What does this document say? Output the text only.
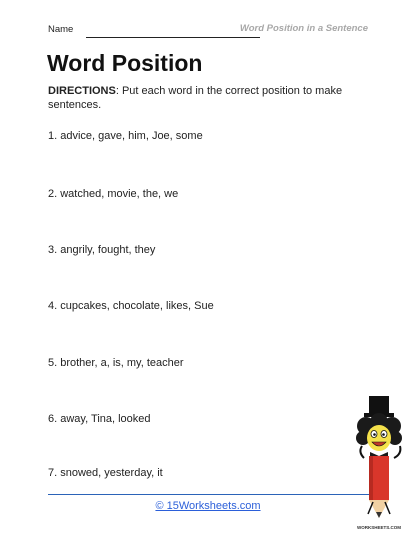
Name	Word Position in a Sentence
Word Position
DIRECTIONS: Put each word in the correct position to make sentences.
1. advice, gave, him, Joe, some
2. watched, movie, the, we
3. angrily, fought, they
4. cupcakes, chocolate, likes, Sue
5. brother, a, is, my, teacher
6. away, Tina, looked
7. snowed, yesterday, it
© 15Worksheets.com
WORKSHEETS.COM
